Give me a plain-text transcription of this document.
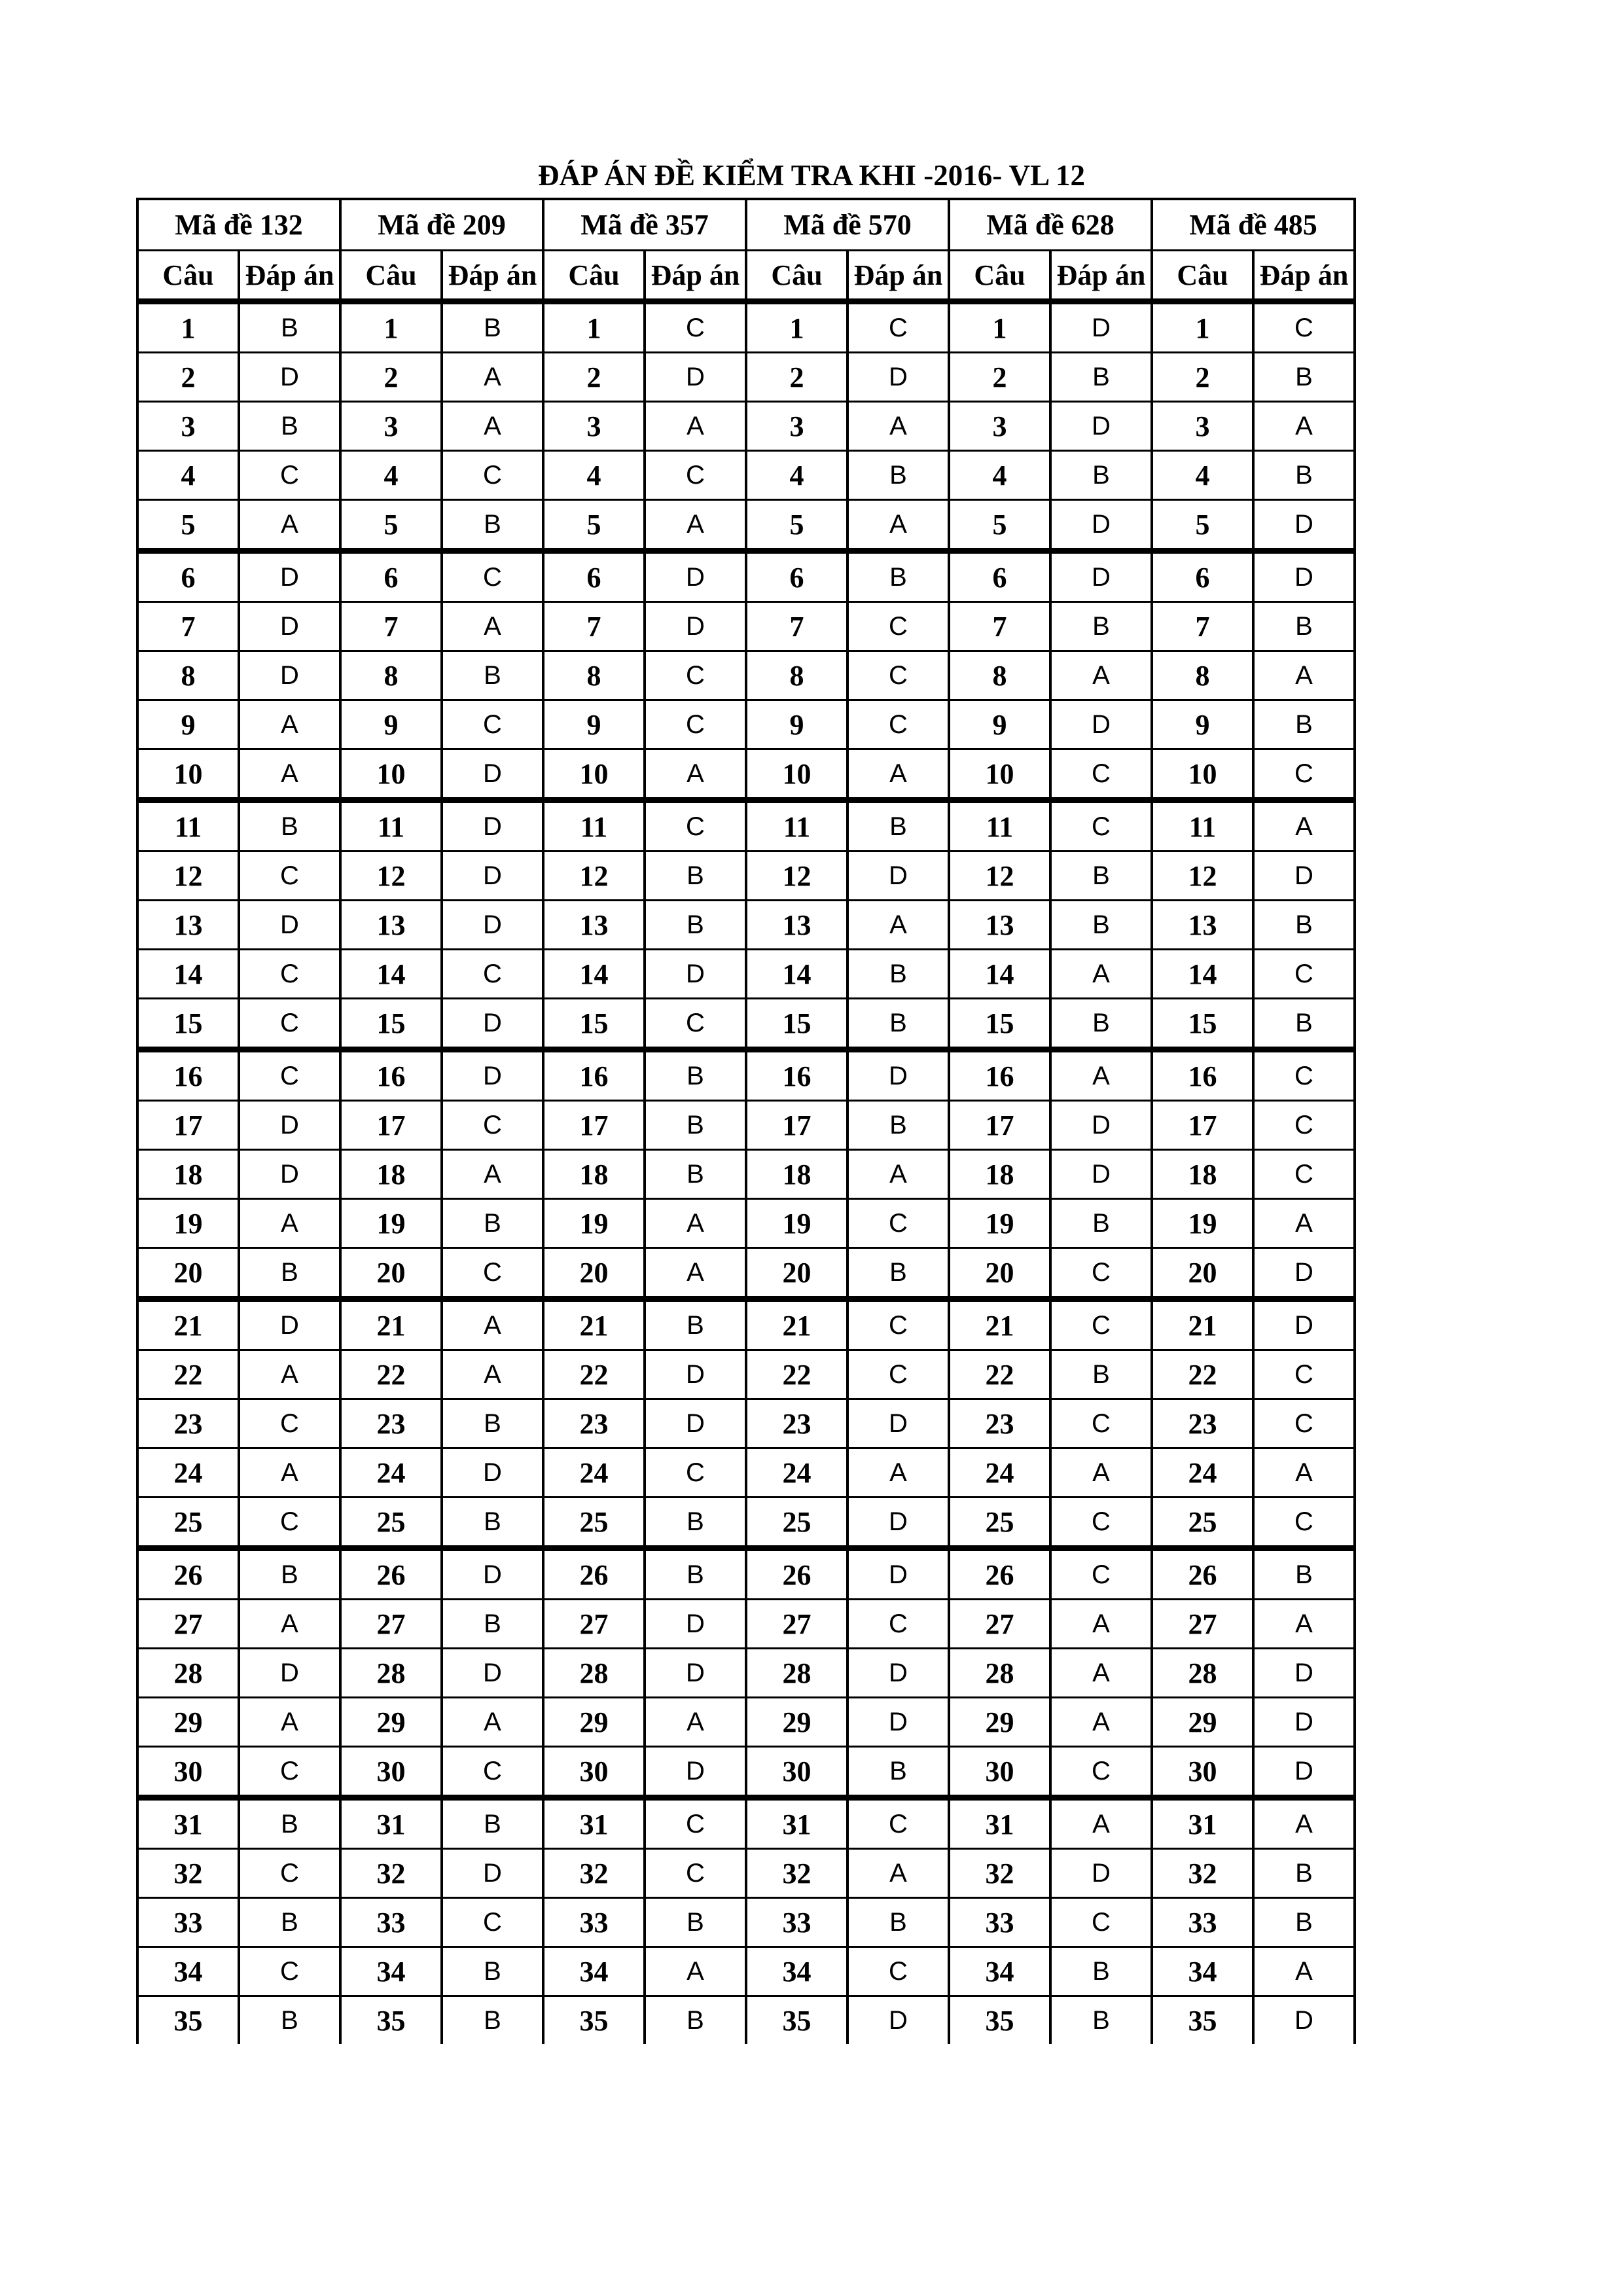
ĐÁP ÁN ĐỀ KIỂM TRA KHI -2016- VL 12
Mã đề 132		Mã đề 209		Mã đề 357		Mã đề 570		Mã đề 628		Mã đề 485	
Câu	Đáp án	Câu	Đáp án	Câu	Đáp án	Câu	Đáp án	Câu	Đáp án	Câu	Đáp án
1	B	1	B	1	C	1	C	1	D	1	C
2	D	2	A	2	D	2	D	2	B	2	B
3	B	3	A	3	A	3	A	3	D	3	A
4	C	4	C	4	C	4	B	4	B	4	B
5	A	5	B	5	A	5	A	5	D	5	D
6	D	6	C	6	D	6	B	6	D	6	D
7	D	7	A	7	D	7	C	7	B	7	B
8	D	8	B	8	C	8	C	8	A	8	A
9	A	9	C	9	C	9	C	9	D	9	B
10	A	10	D	10	A	10	A	10	C	10	C
11	B	11	D	11	C	11	B	11	C	11	A
12	C	12	D	12	B	12	D	12	B	12	D
13	D	13	D	13	B	13	A	13	B	13	B
14	C	14	C	14	D	14	B	14	A	14	C
15	C	15	D	15	C	15	B	15	B	15	B
16	C	16	D	16	B	16	D	16	A	16	C
17	D	17	C	17	B	17	B	17	D	17	C
18	D	18	A	18	B	18	A	18	D	18	C
19	A	19	B	19	A	19	C	19	B	19	A
20	B	20	C	20	A	20	B	20	C	20	D
21	D	21	A	21	B	21	C	21	C	21	D
22	A	22	A	22	D	22	C	22	B	22	C
23	C	23	B	23	D	23	D	23	C	23	C
24	A	24	D	24	C	24	A	24	A	24	A
25	C	25	B	25	B	25	D	25	C	25	C
26	B	26	D	26	B	26	D	26	C	26	B
27	A	27	B	27	D	27	C	27	A	27	A
28	D	28	D	28	D	28	D	28	A	28	D
29	A	29	A	29	A	29	D	29	A	29	D
30	C	30	C	30	D	30	B	30	C	30	D
31	B	31	B	31	C	31	C	31	A	31	A
32	C	32	D	32	C	32	A	32	D	32	B
33	B	33	C	33	B	33	B	33	C	33	B
34	C	34	B	34	A	34	C	34	B	34	A
35	B	35	B	35	B	35	D	35	B	35	D
